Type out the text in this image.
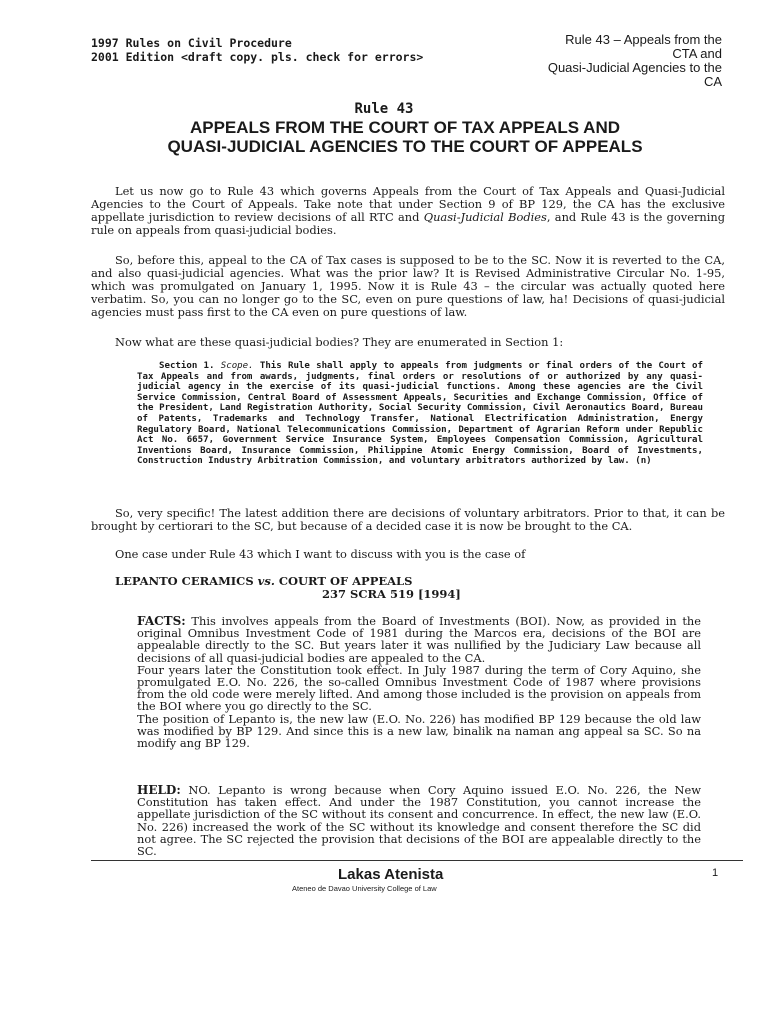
1997 Rules on Civil Procedure
2001 Edition <draft copy. pls. check for errors>
Rule 43 – Appeals from the
CTA and
Quasi-Judicial Agencies to the
CA
Rule 43
APPEALS FROM THE COURT OF TAX APPEALS AND
QUASI-JUDICIAL AGENCIES TO THE COURT OF APPEALS
Let us now go to Rule 43 which governs Appeals from the Court of Tax Appeals and Quasi-Judicial Agencies to the Court of Appeals. Take note that under Section 9 of BP 129, the CA has the exclusive appellate jurisdiction to review decisions of all RTC and Quasi-Judicial Bodies, and Rule 43 is the governing rule on appeals from quasi-judicial bodies.
So, before this, appeal to the CA of Tax cases is supposed to be to the SC. Now it is reverted to the CA, and also quasi-judicial agencies. What was the prior law? It is Revised Administrative Circular No. 1-95, which was promulgated on January 1, 1995. Now it is Rule 43 – the circular was actually quoted here verbatim. So, you can no longer go to the SC, even on pure questions of law, ha! Decisions of quasi-judicial agencies must pass first to the CA even on pure questions of law.
Now what are these quasi-judicial bodies? They are enumerated in Section 1:
Section 1. Scope. This Rule shall apply to appeals from judgments or final orders of the Court of Tax Appeals and from awards, judgments, final orders or resolutions of or authorized by any quasi-judicial agency in the exercise of its quasi-judicial functions. Among these agencies are the Civil Service Commission, Central Board of Assessment Appeals, Securities and Exchange Commission, Office of the President, Land Registration Authority, Social Security Commission, Civil Aeronautics Board, Bureau of Patents, Trademarks and Technology Transfer, National Electrification Administration, Energy Regulatory Board, National Telecommunications Commission, Department of Agrarian Reform under Republic Act No. 6657, Government Service Insurance System, Employees Compensation Commission, Agricultural Inventions Board, Insurance Commission, Philippine Atomic Energy Commission, Board of Investments, Construction Industry Arbitration Commission, and voluntary arbitrators authorized by law. (n)
So, very specific! The latest addition there are decisions of voluntary arbitrators. Prior to that, it can be brought by certiorari to the SC, but because of a decided case it is now be brought to the CA.
One case under Rule 43 which I want to discuss with you is the case of
LEPANTO CERAMICS vs. COURT OF APPEALS
237 SCRA 519 [1994]
FACTS: This involves appeals from the Board of Investments (BOI). Now, as provided in the original Omnibus Investment Code of 1981 during the Marcos era, decisions of the BOI are appealable directly to the SC. But years later it was nullified by the Judiciary Law because all decisions of all quasi-judicial bodies are appealed to the CA.
Four years later the Constitution took effect. In July 1987 during the term of Cory Aquino, she promulgated E.O. No. 226, the so-called Omnibus Investment Code of 1987 where provisions from the old code were merely lifted. And among those included is the provision on appeals from the BOI where you go directly to the SC.
The position of Lepanto is, the new law (E.O. No. 226) has modified BP 129 because the old law was modified by BP 129. And since this is a new law, binalik na naman ang appeal sa SC. So na modify ang BP 129.
HELD: NO. Lepanto is wrong because when Cory Aquino issued E.O. No. 226, the New Constitution has taken effect. And under the 1987 Constitution, you cannot increase the appellate jurisdiction of the SC without its consent and concurrence. In effect, the new law (E.O. No. 226) increased the work of the SC without its knowledge and consent therefore the SC did not agree. The SC rejected the provision that decisions of the BOI are appealable directly to the SC.
Lakas Atenista
Ateneo de Davao University College of Law
1
